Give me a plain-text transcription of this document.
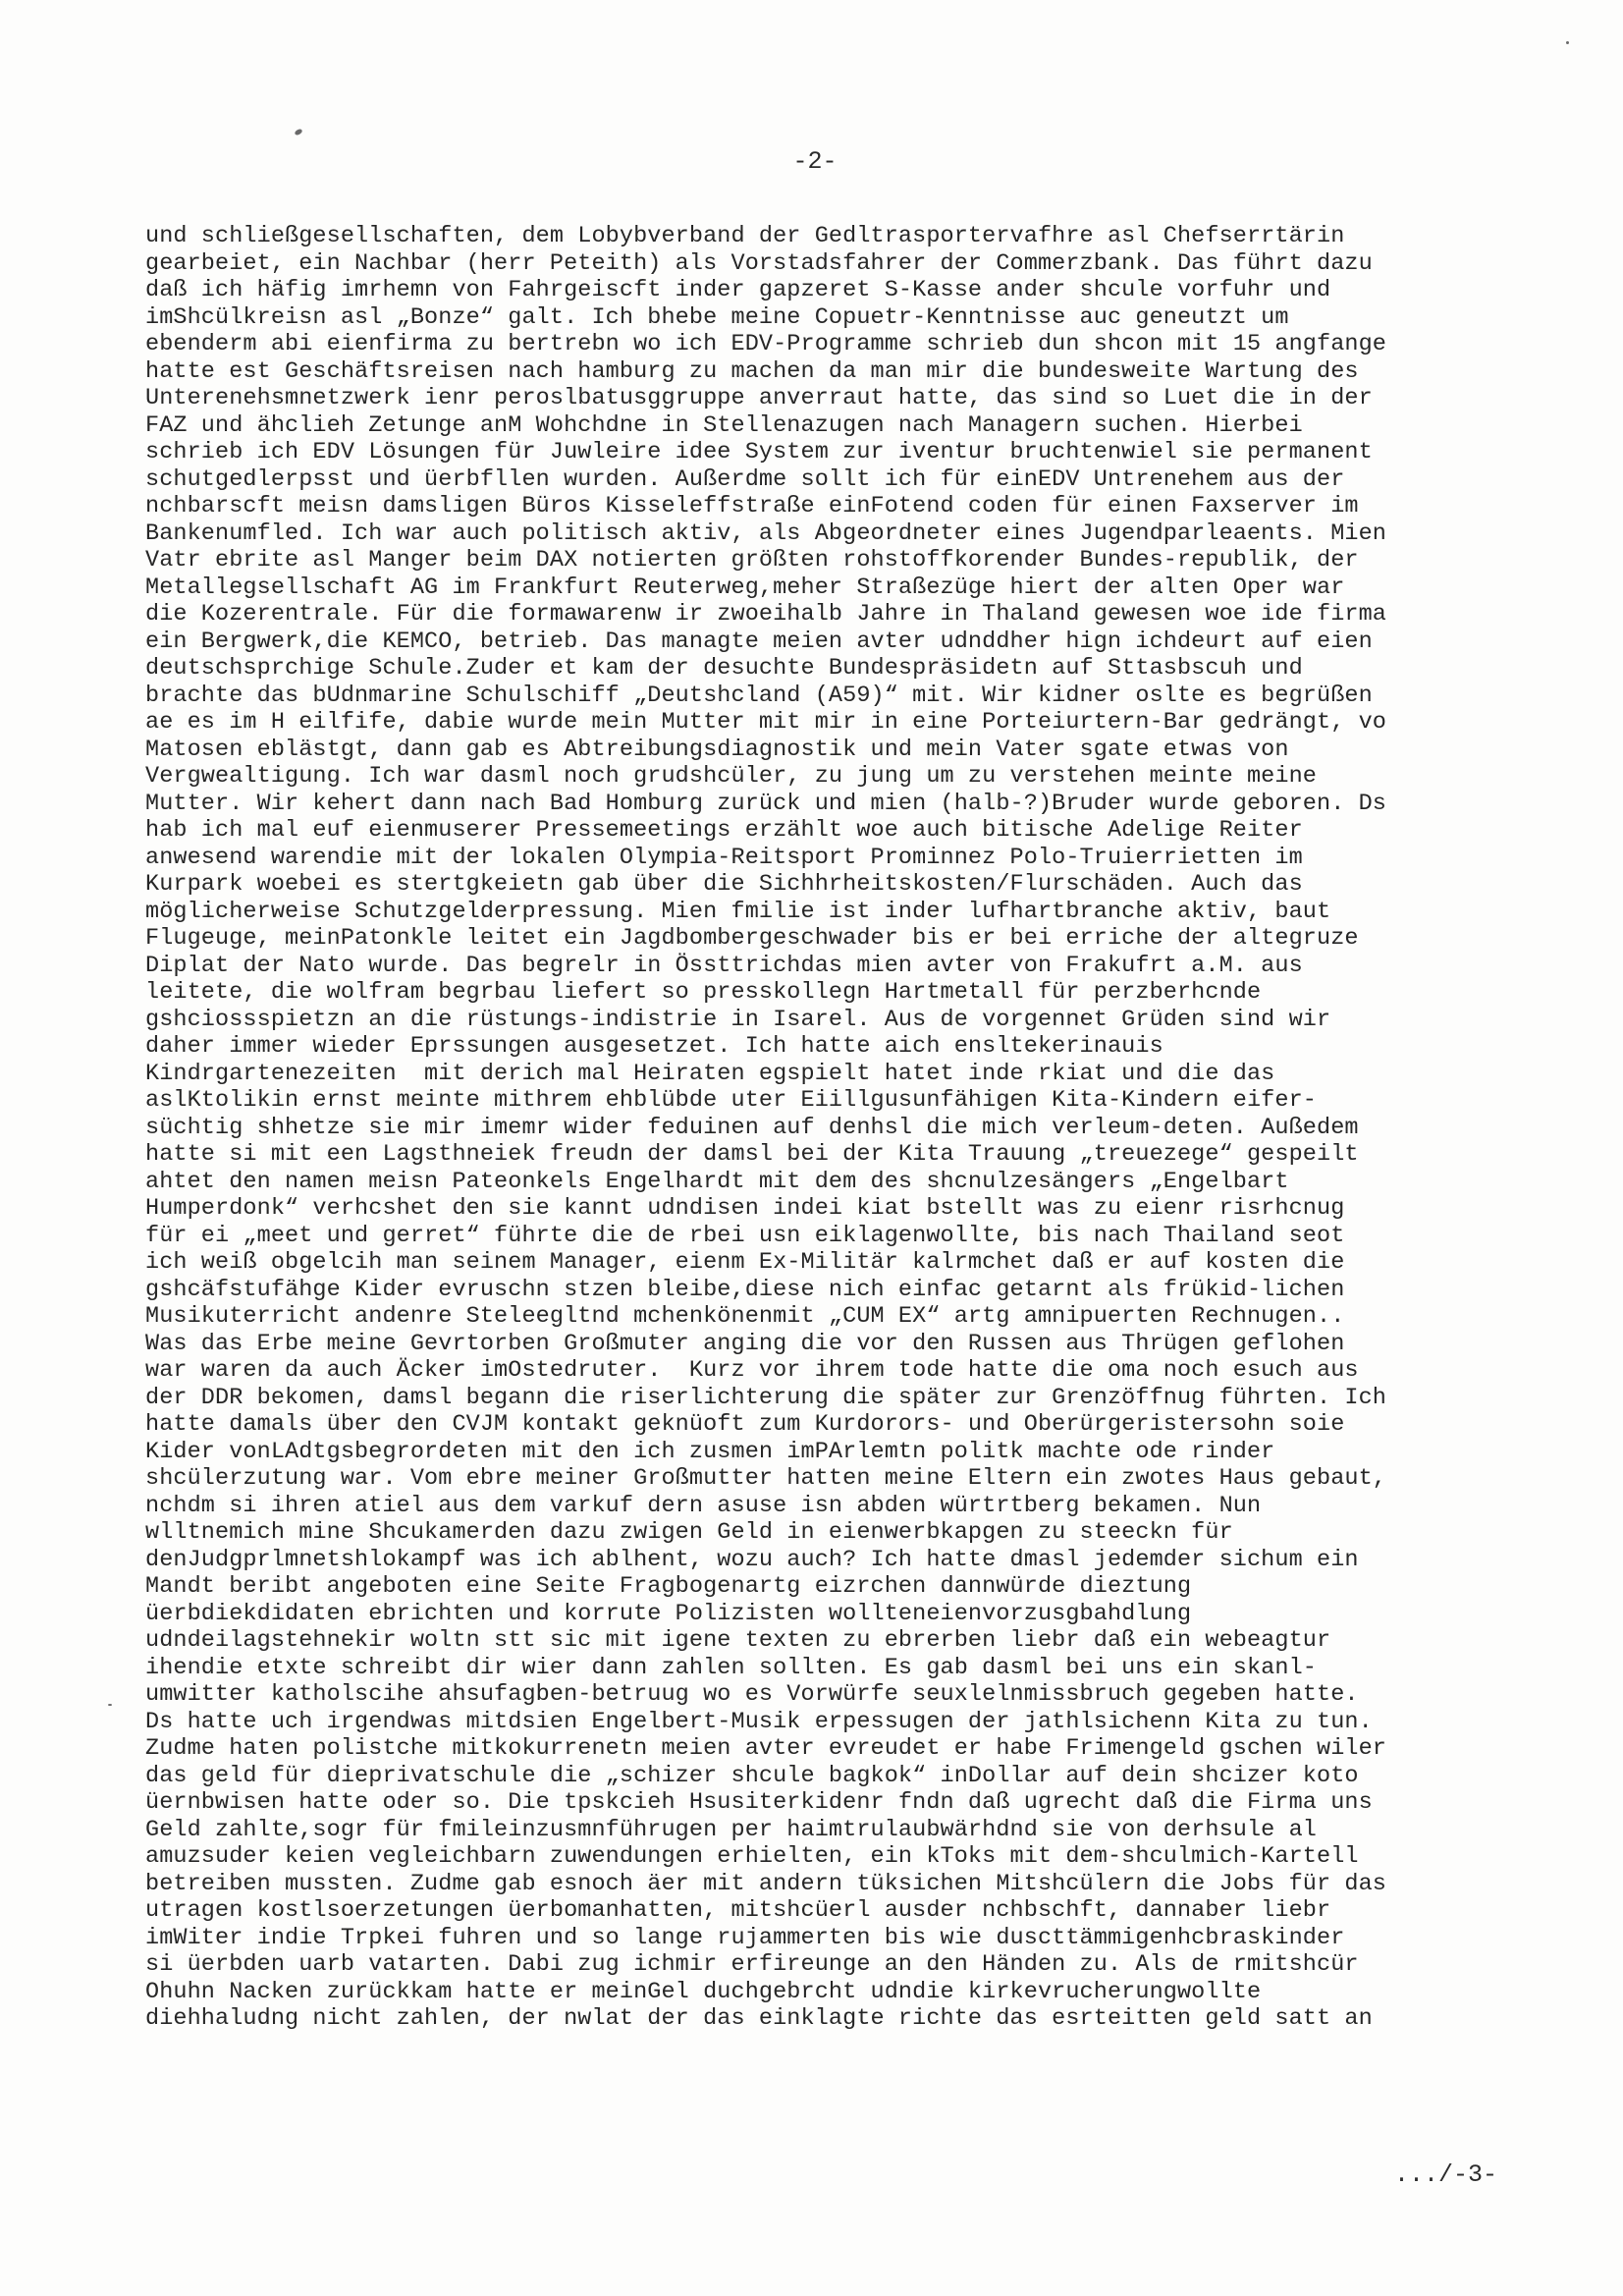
-2-
und schließgesellschaften, dem Lobybverband der Gedltrasportervafhre asl Chefserrtärin
gearbeiet, ein Nachbar (herr Peteith) als Vorstadsfahrer der Commerzbank. Das führt dazu
daß ich häfig imrhemn von Fahrgeiscft inder gapzeret S-Kasse ander shcule vorfuhr und
imShcülkreisn asl „Bonze“ galt. Ich bhebe meine Copuetr-Kenntnisse auc geneutzt um
ebenderm abi eienfirma zu bertrebn wo ich EDV-Programme schrieb dun shcon mit 15 angfange
hatte est Geschäftsreisen nach hamburg zu machen da man mir die bundesweite Wartung des
Unterenehsmnetzwerk ienr peroslbatusggruppe anverraut hatte, das sind so Luet die in der
FAZ und ähclieh Zetunge anM Wohchdne in Stellenazugen nach Managern suchen. Hierbei
schrieb ich EDV Lösungen für Juwleire idee System zur iventur bruchtenwiel sie permanent
schutgedlerpsst und üerbfllen wurden. Außerdme sollt ich für einEDV Untrenehem aus der
nchbarscft meisn damsligen Büros Kisseleffstraße einFotend coden für einen Faxserver im
Bankenumfled. Ich war auch politisch aktiv, als Abgeordneter eines Jugendparleaents. Mien
Vatr ebrite asl Manger beim DAX notierten größten rohstoffkorender Bundes-republik, der
Metallegsellschaft AG im Frankfurt Reuterweg,meher Straßezüge hiert der alten Oper war
die Kozerentrale. Für die formawarenw ir zwoeihalb Jahre in Thaland gewesen woe ide firma
ein Bergwerk,die KEMCO, betrieb. Das managte meien avter udnddher hign ichdeurt auf eien
deutschsprchige Schule.Zuder et kam der desuchte Bundespräsidetn auf Sttasbscuh und
brachte das bUdnmarine Schulschiff „Deutshcland (A59)“ mit. Wir kidner oslte es begrüßen
ae es im H eilfife, dabie wurde mein Mutter mit mir in eine Porteiurtern-Bar gedrängt, vo
Matosen eblästgt, dann gab es Abtreibungsdiagnostik und mein Vater sgate etwas von
Vergwealtigung. Ich war dasml noch grudshcüler, zu jung um zu verstehen meinte meine
Mutter. Wir kehert dann nach Bad Homburg zurück und mien (halb-?)Bruder wurde geboren. Ds
hab ich mal euf eienmuserer Pressemeetings erzählt woe auch bitische Adelige Reiter
anwesend warendie mit der lokalen Olympia-Reitsport Prominnez Polo-Truierrietten im
Kurpark woebei es stertgkeietn gab über die Sichhrheitskosten/Flurschäden. Auch das
möglicherweise Schutzgelderpressung. Mien fmilie ist inder lufhartbranche aktiv, baut
Flugeuge, meinPatonkle leitet ein Jagdbombergeschwader bis er bei erriche der altegruze
Diplat der Nato wurde. Das begrelr in Össttrichdas mien avter von Frakufrt a.M. aus
leitete, die wolfram begrbau liefert so presskollegn Hartmetall für perzberhcnde
gshciossspietzn an die rüstungs-indistrie in Isarel. Aus de vorgennet Grüden sind wir
daher immer wieder Eprssungen ausgesetzet. Ich hatte aich ensltekerinauis
Kindrgartenezeiten  mit derich mal Heiraten egspielt hatet inde rkiat und die das
aslKtolikin ernst meinte mithrem ehblübde uter Eiillgusunfähigen Kita-Kindern eifer-
süchtig shhetze sie mir imemr wider feduinen auf denhsl die mich verleum-deten. Außedem
hatte si mit een Lagsthneiek freudn der damsl bei der Kita Trauung „treuezege“ gespeilt
ahtet den namen meisn Pateonkels Engelhardt mit dem des shcnulzesängers „Engelbart
Humperdonk“ verhcshet den sie kannt udndisen indei kiat bstellt was zu eienr risrhcnug
für ei „meet und gerret“ führte die de rbei usn eiklagenwollte, bis nach Thailand seot
ich weiß obgelcih man seinem Manager, eienm Ex-Militär kalrmchet daß er auf kosten die
gshcäfstufähge Kider evruschn stzen bleibe,diese nich einfac getarnt als frükid-lichen
Musikuterricht andenre Steleegltnd mchenkönenmit „CUM EX“ artg amnipuerten Rechnugen..
Was das Erbe meine Gevrtorben Großmuter anging die vor den Russen aus Thrügen geflohen
war waren da auch Äcker imOstedruter.  Kurz vor ihrem tode hatte die oma noch esuch aus
der DDR bekomen, damsl begann die riserlichterung die später zur Grenzöffnug führten. Ich
hatte damals über den CVJM kontakt geknüoft zum Kurdorors- und Oberürgeristersohn soie
Kider vonLAdtgsbegrordeten mit den ich zusmen imPArlemtn politk machte ode rinder
shcülerzutung war. Vom ebre meiner Großmutter hatten meine Eltern ein zwotes Haus gebaut,
nchdm si ihren atiel aus dem varkuf dern asuse isn abden würtrtberg bekamen. Nun
wlltnemich mine Shcukamerden dazu zwigen Geld in eienwerbkapgen zu steeckn für
denJudgprlmnetshlokampf was ich ablhent, wozu auch? Ich hatte dmasl jedemder sichum ein
Mandt beribt angeboten eine Seite Fragbogenartg eizrchen dannwürde dieztung
üerbdiekdidaten ebrichten und korrute Polizisten wollteneienvorzusgbahdlung
udndeilagstehnekir woltn stt sic mit igene texten zu ebrerben liebr daß ein webeagtur
ihendie etxte schreibt dir wier dann zahlen sollten. Es gab dasml bei uns ein skanl-
umwitter katholscihe ahsufagben-betruug wo es Vorwürfe seuxlelnmissbruch gegeben hatte.
Ds hatte uch irgendwas mitdsien Engelbert-Musik erpessugen der jathlsichenn Kita zu tun.
Zudme haten polistche mitkokurrenetn meien avter evreudet er habe Frimengeld gschen wiler
das geld für dieprivatschule die „schizer shcule bagkok“ inDollar auf dein shcizer koto
üernbwisen hatte oder so. Die tpskcieh Hsusiterkidenr fndn daß ugrecht daß die Firma uns
Geld zahlte,sogr für fmileinzusmnführugen per haimtrulaubwärhdnd sie von derhsule al
amuzsuder keien vegleichbarn zuwendungen erhielten, ein kToks mit dem-shculmich-Kartell
betreiben mussten. Zudme gab esnoch äer mit andern tüksichen Mitshcülern die Jobs für das
utragen kostlsoerzetungen üerbomanhatten, mitshcüerl ausder nchbschft, dannaber liebr
imWiter indie Trpkei fuhren und so lange rujammerten bis wie duscttämmigenhcbraskinder
si üerbden uarb vatarten. Dabi zug ichmir erfireunge an den Händen zu. Als de rmitshcür
Ohuhn Nacken zurückkam hatte er meinGel duchgebrcht udndie kirkevrucherungwollte
diehhaludng nicht zahlen, der nwlat der das einklagte richte das esrteitten geld satt an
.../-3-
